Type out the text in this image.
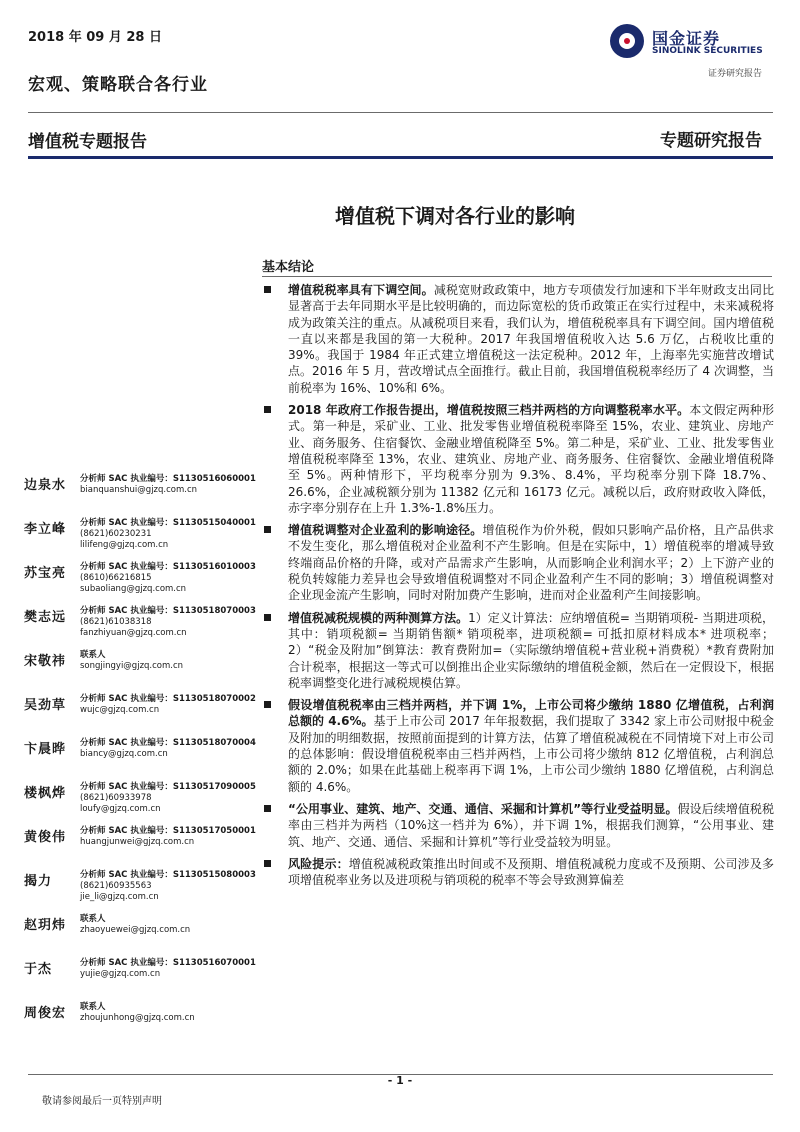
2018 年 09 月 28 日	国金证券
SINOLINK SECURITIES
证券研究报告
宏观、策略联合各行业
增值税专题报告	专题研究报告
增值税下调对各行业的影响
基本结论
增值税税率具有下调空间。减税宽财政政策中，地方专项债发行加速和下半年财政支出同比显著高于去年同期水平是比较明确的，而边际宽松的货币政策正在实行过程中，未来减税将成为政策关注的重点。从减税项目来看，我们认为，增值税税率具有下调空间。国内增值税一直以来都是我国的第一大税种。2017 年我国增值税收入达 5.6 万亿，占税收比重的 39%。我国于 1984 年正式建立增值税这一法定税种。2012 年，上海率先实施营改增试点。2016 年 5 月，营改增试点全面推行。截止目前，我国增值税税率经历了 4 次调整，当前税率为 16%、10%和 6%。
2018 年政府工作报告提出，增值税按照三档并两档的方向调整税率水平。本文假定两种形式。第一种是，采矿业、工业、批发零售业增值税税率降至 15%，农业、建筑业、房地产业、商务服务、住宿餐饮、金融业增值税降至 5%。第二种是，采矿业、工业、批发零售业增值税税率降至 13%，农业、建筑业、房地产业、商务服务、住宿餐饮、金融业增值税降至 5%。两种情形下，平均税率分别为 9.3%、8.4%，平均税率分别下降 18.7%、26.6%，企业减税额分别为 11382 亿元和 16173 亿元。减税以后，政府财政收入降低，赤字率分别存在上升 1.3%-1.8%压力。
增值税调整对企业盈利的影响途径。增值税作为价外税，假如只影响产品价格，且产品供求不发生变化，那么增值税对企业盈利不产生影响。但是在实际中，1）增值税率的增减导致终端商品价格的升降，或对产品需求产生影响，从而影响企业利润水平；2）上下游产业的税负转嫁能力差异也会导致增值税调整对不同企业盈利产生不同的影响；3）增值税调整对企业现金流产生影响，同时对附加费产生影响，进而对企业盈利产生间接影响。
增值税减税规模的两种测算方法。1）定义计算法：应纳增值税= 当期销项税- 当期进项税，其中：销项税额= 当期销售额* 销项税率，进项税额= 可抵扣原材料成本* 进项税率；2）“税金及附加”倒算法：教育费附加=（实际缴纳增值税+营业税+消费税）*教育费附加合计税率，根据这一等式可以倒推出企业实际缴纳的增值税金额，然后在一定假设下，根据税率调整变化进行减税规模估算。
假设增值税税率由三档并两档，并下调 1%，上市公司将少缴纳 1880 亿增值税，占利润总额的 4.6%。基于上市公司 2017 年年报数据，我们提取了 3342 家上市公司财报中税金及附加的明细数据，按照前面提到的计算方法，估算了增值税减税在不同情境下对上市公司的总体影响：假设增值税税率由三档并两档，上市公司将少缴纳 812 亿增值税，占利润总额的 2.0%；如果在此基础上税率再下调 1%，上市公司少缴纳 1880 亿增值税，占利润总额的 4.6%。
“公用事业、建筑、地产、交通、通信、采掘和计算机”等行业受益明显。假设后续增值税税率由三档并为两档（10%这一档并为 6%），并下调 1%，根据我们测算，“公用事业、建筑、地产、交通、通信、采掘和计算机”等行业受益较为明显。
风险提示：增值税减税政策推出时间或不及预期、增值税减税力度或不及预期、公司涉及多项增值税率业务以及进项税与销项税的税率不等会导致测算偏差
边泉水 分析师 SAC 执业编号：S1130516060001
bianquanshui@gjzq.com.cn
李立峰 分析师 SAC 执业编号：S1130515040001
(8621)60230231
lilifeng@gjzq.com.cn
苏宝亮 分析师 SAC 执业编号：S1130516010003
(8610)66216815
subaoliang@gjzq.com.cn
樊志远 分析师 SAC 执业编号：S1130518070003
(8621)61038318
fanzhiyuan@gjzq.com.cn
宋敬祎 联系人
songjingyi@gjzq.com.cn
吴劲草 分析师 SAC 执业编号：S1130518070002
wujc@gjzq.com.cn
卞晨晔 分析师 SAC 执业编号：S1130518070004
biancy@gjzq.com.cn
楼枫烨 分析师 SAC 执业编号：S1130517090005
(8621)60933978
loufy@gjzq.com.cn
黄俊伟 分析师 SAC 执业编号：S1130517050001
huangjunwei@gjzq.com.cn
揭力	分析师 SAC 执业编号：S1130515080003
(8621)60935563
jie_li@gjzq.com.cn
赵玥炜 联系人
zhaoyuewei@gjzq.com.cn
于杰	分析师 SAC 执业编号：S1130516070001
yujie@gjzq.com.cn
周俊宏 联系人
zhoujunhong@gjzq.com.cn
- 1 -
敬请参阅最后一页特别声明
